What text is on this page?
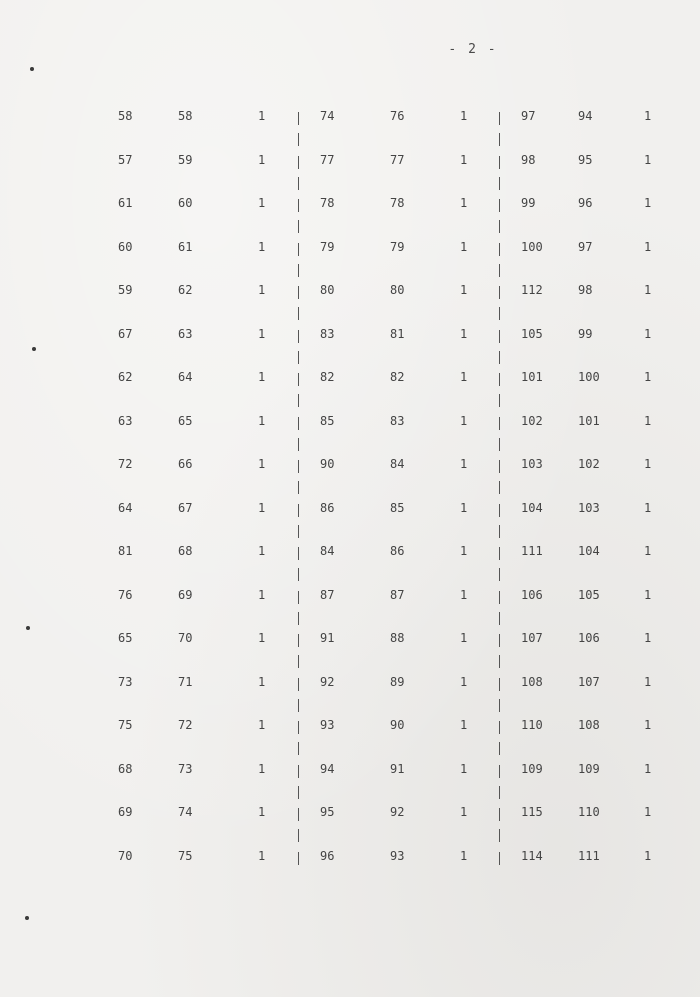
- 2 -
58	58	1	74	76	1	97	94	1
57	59	1	77	77	1	98	95	1
61	60	1	78	78	1	99	96	1
60	61	1	79	79	1	100	97	1
59	62	1	80	80	1	112	98	1
67	63	1	83	81	1	105	99	1
62	64	1	82	82	1	101	100	1
63	65	1	85	83	1	102	101	1
72	66	1	90	84	1	103	102	1
64	67	1	86	85	1	104	103	1
81	68	1	84	86	1	111	104	1
76	69	1	87	87	1	106	105	1
65	70	1	91	88	1	107	106	1
73	71	1	92	89	1	108	107	1
75	72	1	93	90	1	110	108	1
68	73	1	94	91	1	109	109	1
69	74	1	95	92	1	115	110	1
70	75	1	96	93	1	114	111	1
